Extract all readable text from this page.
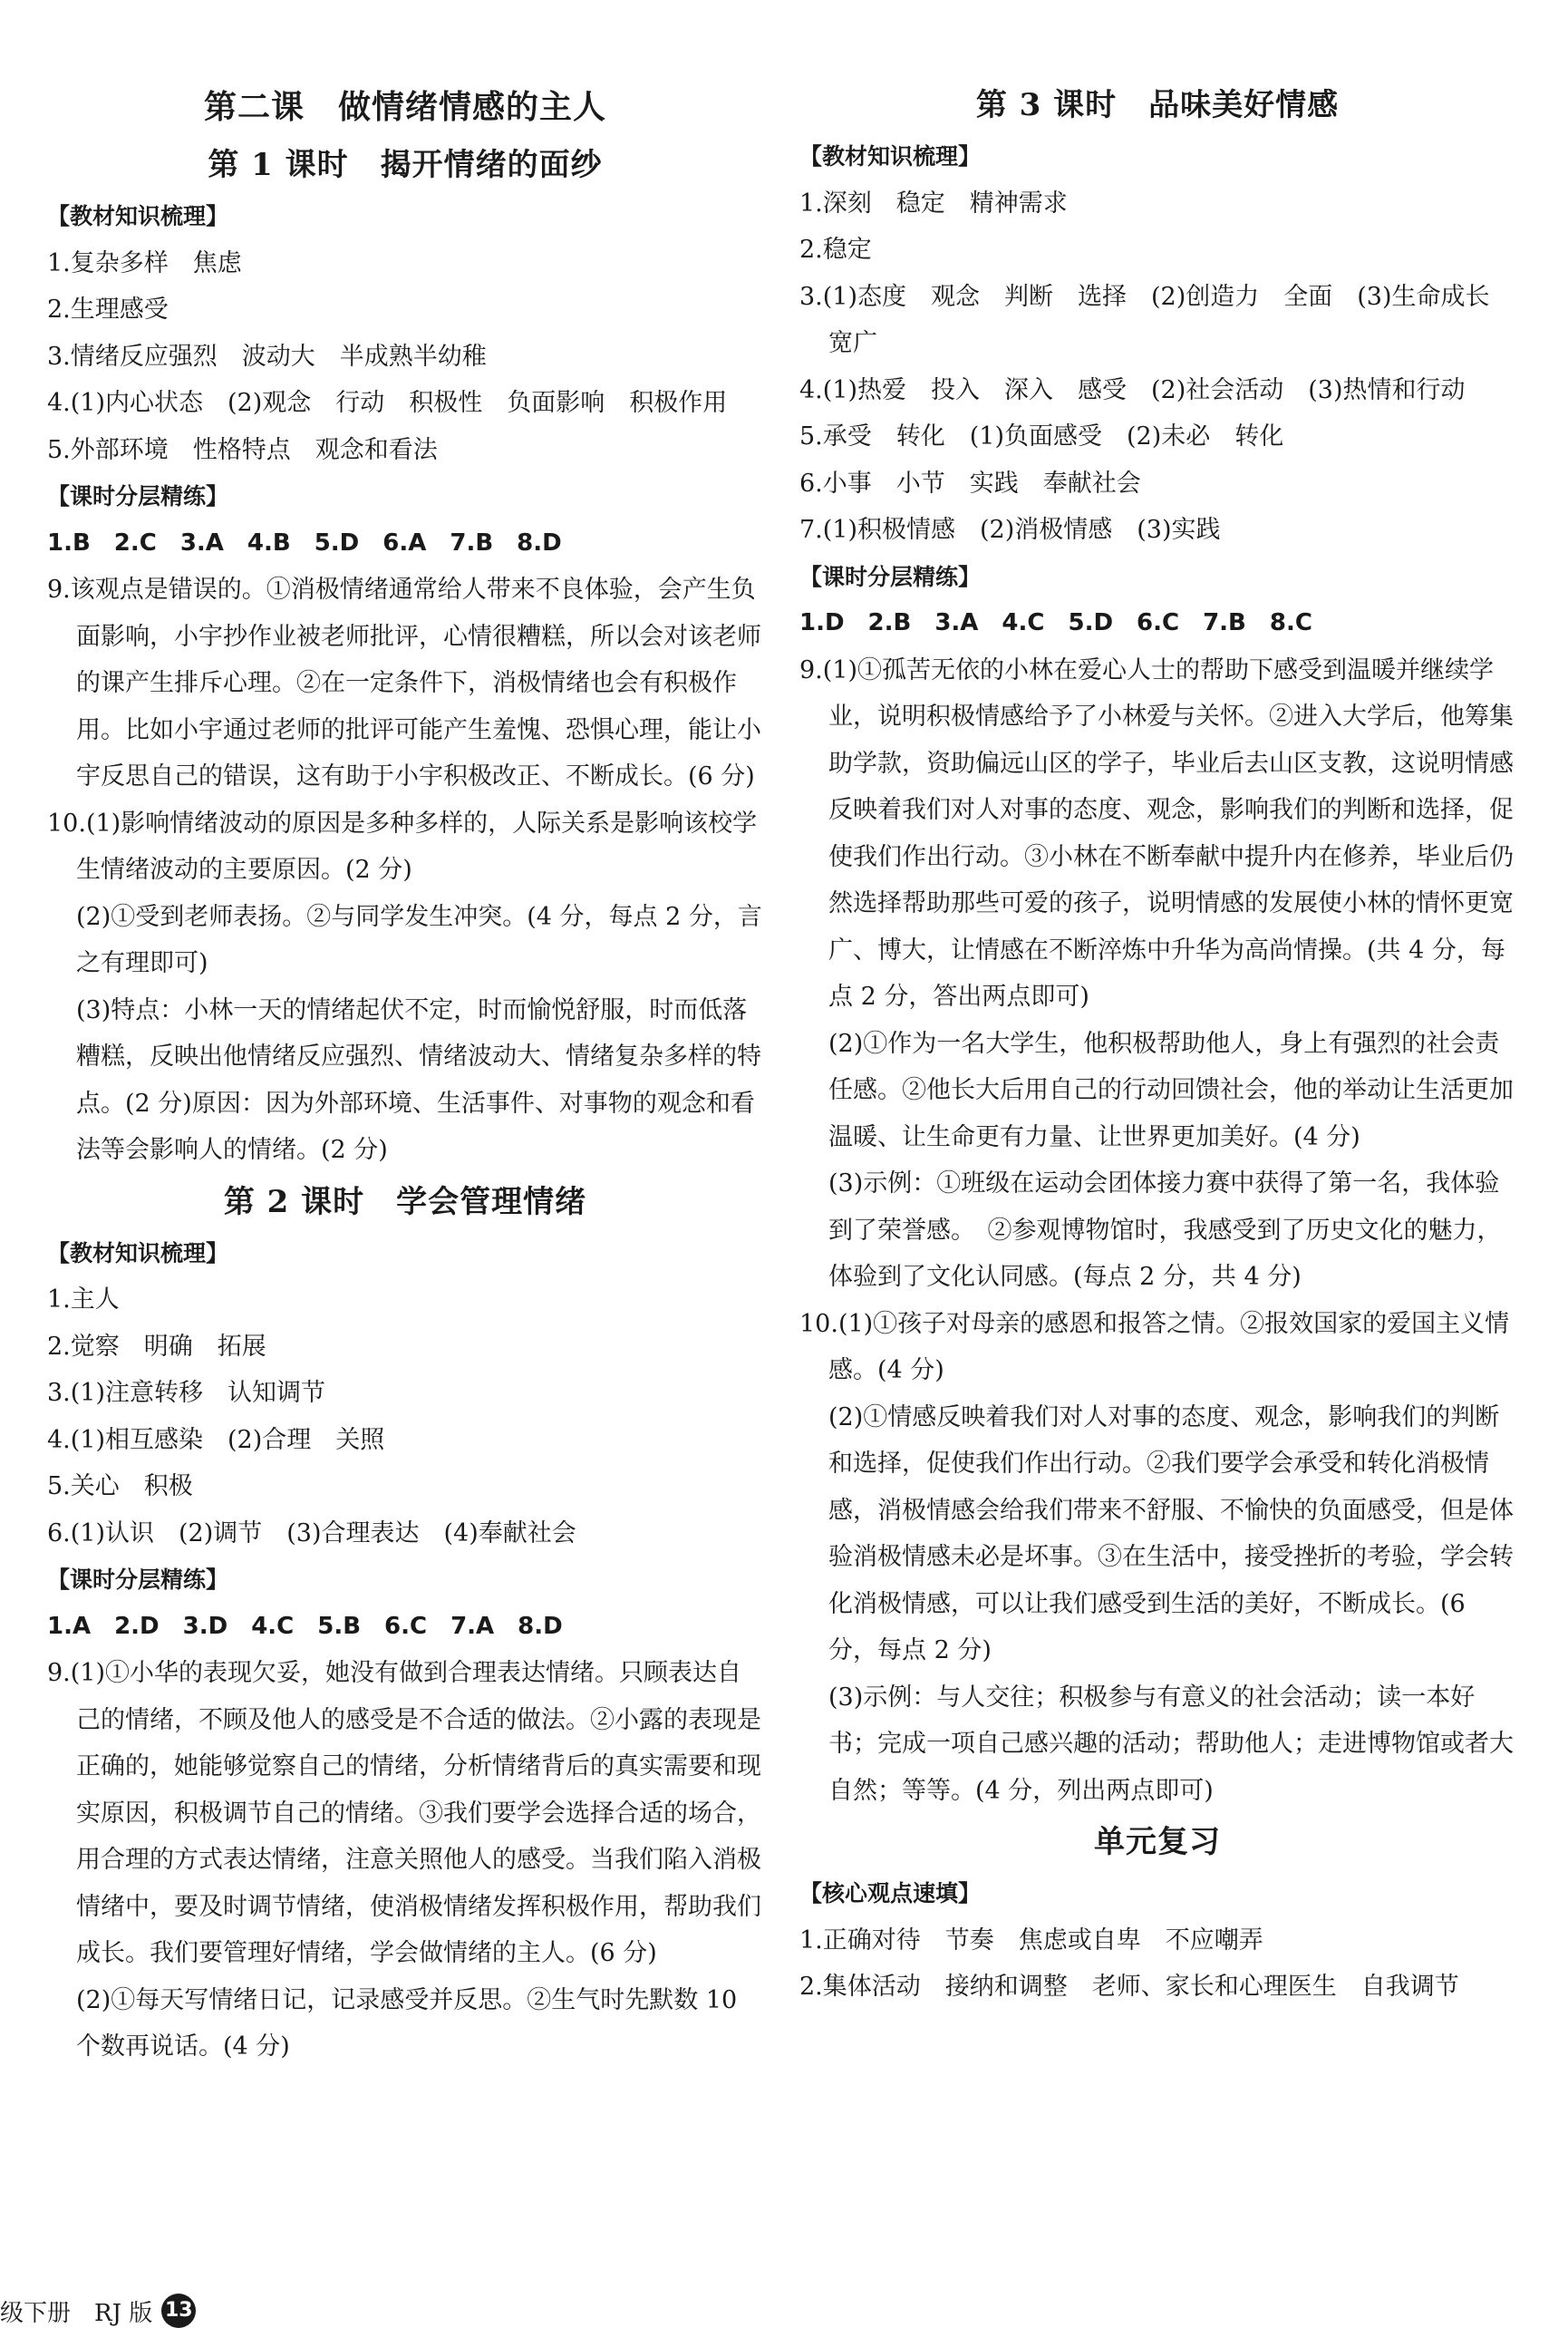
第二课　做情绪情感的主人
第 1 课时　揭开情绪的面纱
【教材知识梳理】

1.复杂多样　焦虑

2.生理感受

3.情绪反应强烈　波动大　半成熟半幼稚

4.(1)内心状态　(2)观念　行动　积极性　负面影响　积极作用

5.外部环境　性格特点　观念和看法

【课时分层精练】

1.B　2.C　3.A　4.B　5.D　6.A　7.B　8.D

9.该观点是错误的。①消极情绪通常给人带来不良体验，会产生负面影响，小宇抄作业被老师批评，心情很糟糕，所以会对该老师的课产生排斥心理。②在一定条件下，消极情绪也会有积极作用。比如小宇通过老师的批评可能产生羞愧、恐惧心理，能让小宇反思自己的错误，这有助于小宇积极改正、不断成长。(6 分)

10.(1)影响情绪波动的原因是多种多样的，人际关系是影响该校学生情绪波动的主要原因。(2 分)

(2)①受到老师表扬。②与同学发生冲突。(4 分，每点 2 分，言之有理即可)

(3)特点：小林一天的情绪起伏不定，时而愉悦舒服，时而低落糟糕，反映出他情绪反应强烈、情绪波动大、情绪复杂多样的特点。(2 分)原因：因为外部环境、生活事件、对事物的观念和看法等会影响人的情绪。(2 分)

第 2 课时　学会管理情绪
【教材知识梳理】

1.主人

2.觉察　明确　拓展

3.(1)注意转移　认知调节

4.(1)相互感染　(2)合理　关照

5.关心　积极

6.(1)认识　(2)调节　(3)合理表达　(4)奉献社会

【课时分层精练】

1.A　2.D　3.D　4.C　5.B　6.C　7.A　8.D

9.(1)①小华的表现欠妥，她没有做到合理表达情绪。只顾表达自己的情绪，不顾及他人的感受是不合适的做法。②小露的表现是正确的，她能够觉察自己的情绪，分析情绪背后的真实需要和现实原因，积极调节自己的情绪。③我们要学会选择合适的场合，用合理的方式表达情绪，注意关照他人的感受。当我们陷入消极情绪中，要及时调节情绪，使消极情绪发挥积极作用，帮助我们成长。我们要管理好情绪，学会做情绪的主人。(6 分)

(2)①每天写情绪日记，记录感受并反思。②生气时先默数 10 个数再说话。(4 分)

第 3 课时　品味美好情感
【教材知识梳理】

1.深刻　稳定　精神需求

2.稳定

3.(1)态度　观念　判断　选择　(2)创造力　全面　(3)生命成长　宽广

4.(1)热爱　投入　深入　感受　(2)社会活动　(3)热情和行动

5.承受　转化　(1)负面感受　(2)未必　转化

6.小事　小节　实践　奉献社会

7.(1)积极情感　(2)消极情感　(3)实践

【课时分层精练】

1.D　2.B　3.A　4.C　5.D　6.C　7.B　8.C

9.(1)①孤苦无依的小林在爱心人士的帮助下感受到温暖并继续学业，说明积极情感给予了小林爱与关怀。②进入大学后，他筹集助学款，资助偏远山区的学子，毕业后去山区支教，这说明情感反映着我们对人对事的态度、观念，影响我们的判断和选择，促使我们作出行动。③小林在不断奉献中提升内在修养，毕业后仍然选择帮助那些可爱的孩子，说明情感的发展使小林的情怀更宽广、博大，让情感在不断淬炼中升华为高尚情操。(共 4 分，每点 2 分，答出两点即可)

(2)①作为一名大学生，他积极帮助他人，身上有强烈的社会责任感。②他长大后用自己的行动回馈社会，他的举动让生活更加温暖、让生命更有力量、让世界更加美好。(4 分)

(3)示例：①班级在运动会团体接力赛中获得了第一名，我体验到了荣誉感。　②参观博物馆时，我感受到了历史文化的魅力，体验到了文化认同感。(每点 2 分，共 4 分)

10.(1)①孩子对母亲的感恩和报答之情。②报效国家的爱国主义情感。(4 分)

(2)①情感反映着我们对人对事的态度、观念，影响我们的判断和选择，促使我们作出行动。②我们要学会承受和转化消极情感，消极情感会给我们带来不舒服、不愉快的负面感受，但是体验消极情感未必是坏事。③在生活中，接受挫折的考验，学会转化消极情感，可以让我们感受到生活的美好，不断成长。(6 分，每点 2 分)

(3)示例：与人交往；积极参与有意义的社会活动；读一本好书；完成一项自己感兴趣的活动；帮助他人；走进博物馆或者大自然；等等。(4 分，列出两点即可)

单元复习
【核心观点速填】

1.正确对待　节奏　焦虑或自卑　不应嘲弄

2.集体活动　接纳和调整　老师、家长和心理医生　自我调节

级下册　RJ 版 13
